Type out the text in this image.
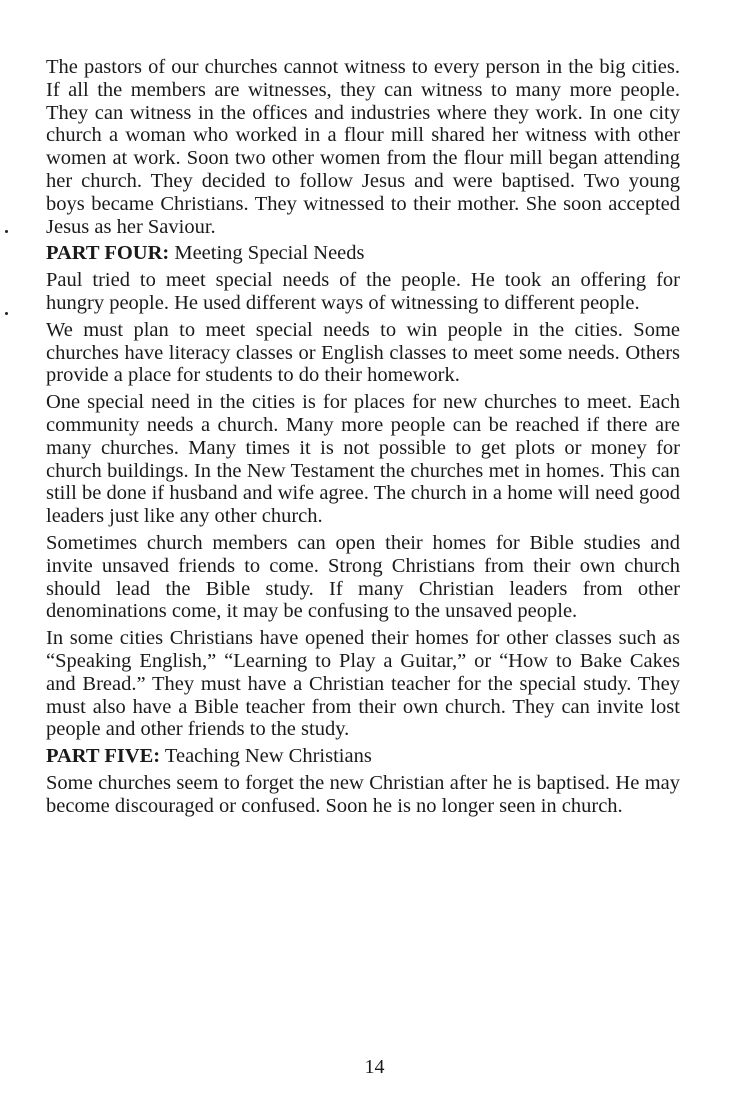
The pastors of our churches cannot witness to every person in the big cities. If all the members are witnesses, they can witness to many more people. They can witness in the offices and industries where they work. In one city church a woman who worked in a flour mill shared her witness with other women at work. Soon two other women from the flour mill began attending her church. They decided to follow Jesus and were baptised. Two young boys became Christians. They witnessed to their mother. She soon accepted Jesus as her Saviour.

PART FOUR: Meeting Special Needs

Paul tried to meet special needs of the people. He took an offering for hungry people. He used different ways of witnessing to different people.

We must plan to meet special needs to win people in the cities. Some churches have literacy classes or English classes to meet some needs. Others provide a place for students to do their homework.

One special need in the cities is for places for new churches to meet. Each community needs a church. Many more people can be reached if there are many churches. Many times it is not possible to get plots or money for church buildings. In the New Testament the churches met in homes. This can still be done if husband and wife agree. The church in a home will need good leaders just like any other church.

Sometimes church members can open their homes for Bible studies and invite unsaved friends to come. Strong Christians from their own church should lead the Bible study. If many Christian leaders from other denominations come, it may be confusing to the unsaved people.

In some cities Christians have opened their homes for other classes such as “Speaking English,” “Learning to Play a Guitar,” or “How to Bake Cakes and Bread.” They must have a Christian teacher for the special study. They must also have a Bible teacher from their own church. They can invite lost people and other friends to the study.

PART FIVE: Teaching New Christians

Some churches seem to forget the new Christian after he is baptised. He may become discouraged or confused. Soon he is no longer seen in church.

14
